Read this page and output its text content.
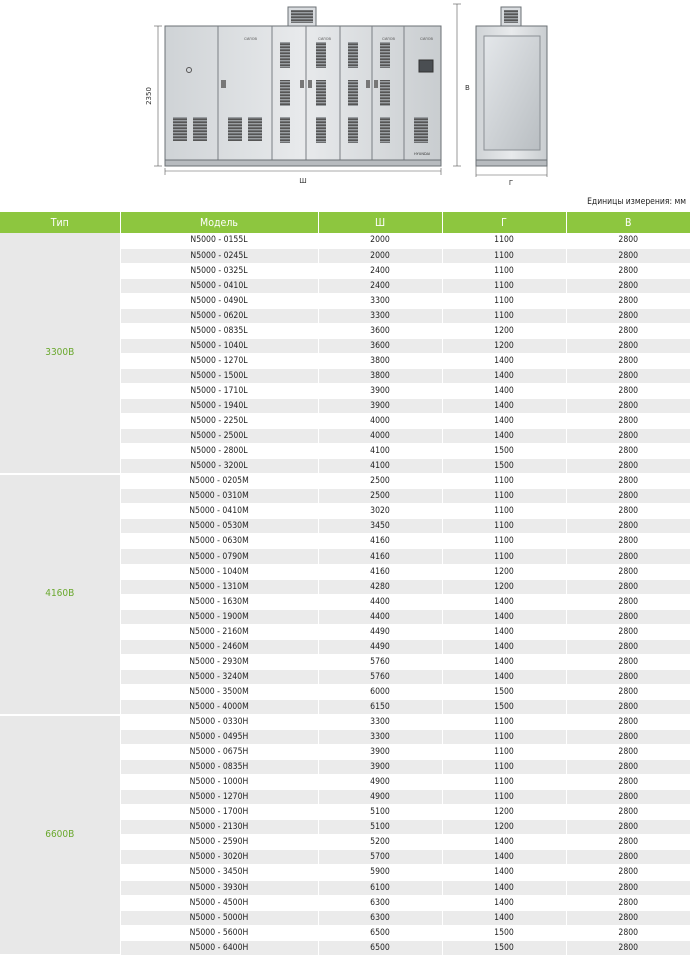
СИЛОВ	СИЛОВ	СИЛОВ	СИЛОВ
HYUNDAI
2350
Ш
В
Г
Единицы измерения: мм
Тип	Модель	Ш	Г	В
3300В	N5000 - 0155L	2000	1100	2800
	N5000 - 0245L	2000	1100	2800
	N5000 - 0325L	2400	1100	2800
	N5000 - 0410L	2400	1100	2800
	N5000 - 0490L	3300	1100	2800
	N5000 - 0620L	3300	1100	2800
	N5000 - 0835L	3600	1200	2800
	N5000 - 1040L	3600	1200	2800
	N5000 - 1270L	3800	1400	2800
	N5000 - 1500L	3800	1400	2800
	N5000 - 1710L	3900	1400	2800
	N5000 - 1940L	3900	1400	2800
	N5000 - 2250L	4000	1400	2800
	N5000 - 2500L	4000	1400	2800
	N5000 - 2800L	4100	1500	2800
	N5000 - 3200L	4100	1500	2800
4160В	N5000 - 0205M	2500	1100	2800
	N5000 - 0310M	2500	1100	2800
	N5000 - 0410M	3020	1100	2800
	N5000 - 0530M	3450	1100	2800
	N5000 - 0630M	4160	1100	2800
	N5000 - 0790M	4160	1100	2800
	N5000 - 1040M	4160	1200	2800
	N5000 - 1310M	4280	1200	2800
	N5000 - 1630M	4400	1400	2800
	N5000 - 1900M	4400	1400	2800
	N5000 - 2160M	4490	1400	2800
	N5000 - 2460M	4490	1400	2800
	N5000 - 2930M	5760	1400	2800
	N5000 - 3240M	5760	1400	2800
	N5000 - 3500M	6000	1500	2800
	N5000 - 4000M	6150	1500	2800
6600В	N5000 - 0330H	3300	1100	2800
	N5000 - 0495H	3300	1100	2800
	N5000 - 0675H	3900	1100	2800
	N5000 - 0835H	3900	1100	2800
	N5000 - 1000H	4900	1100	2800
	N5000 - 1270H	4900	1100	2800
	N5000 - 1700H	5100	1200	2800
	N5000 - 2130H	5100	1200	2800
	N5000 - 2590H	5200	1400	2800
	N5000 - 3020H	5700	1400	2800
	N5000 - 3450H	5900	1400	2800
	N5000 - 3930H	6100	1400	2800
	N5000 - 4500H	6300	1400	2800
	N5000 - 5000H	6300	1400	2800
	N5000 - 5600H	6500	1500	2800
	N5000 - 6400H	6500	1500	2800
